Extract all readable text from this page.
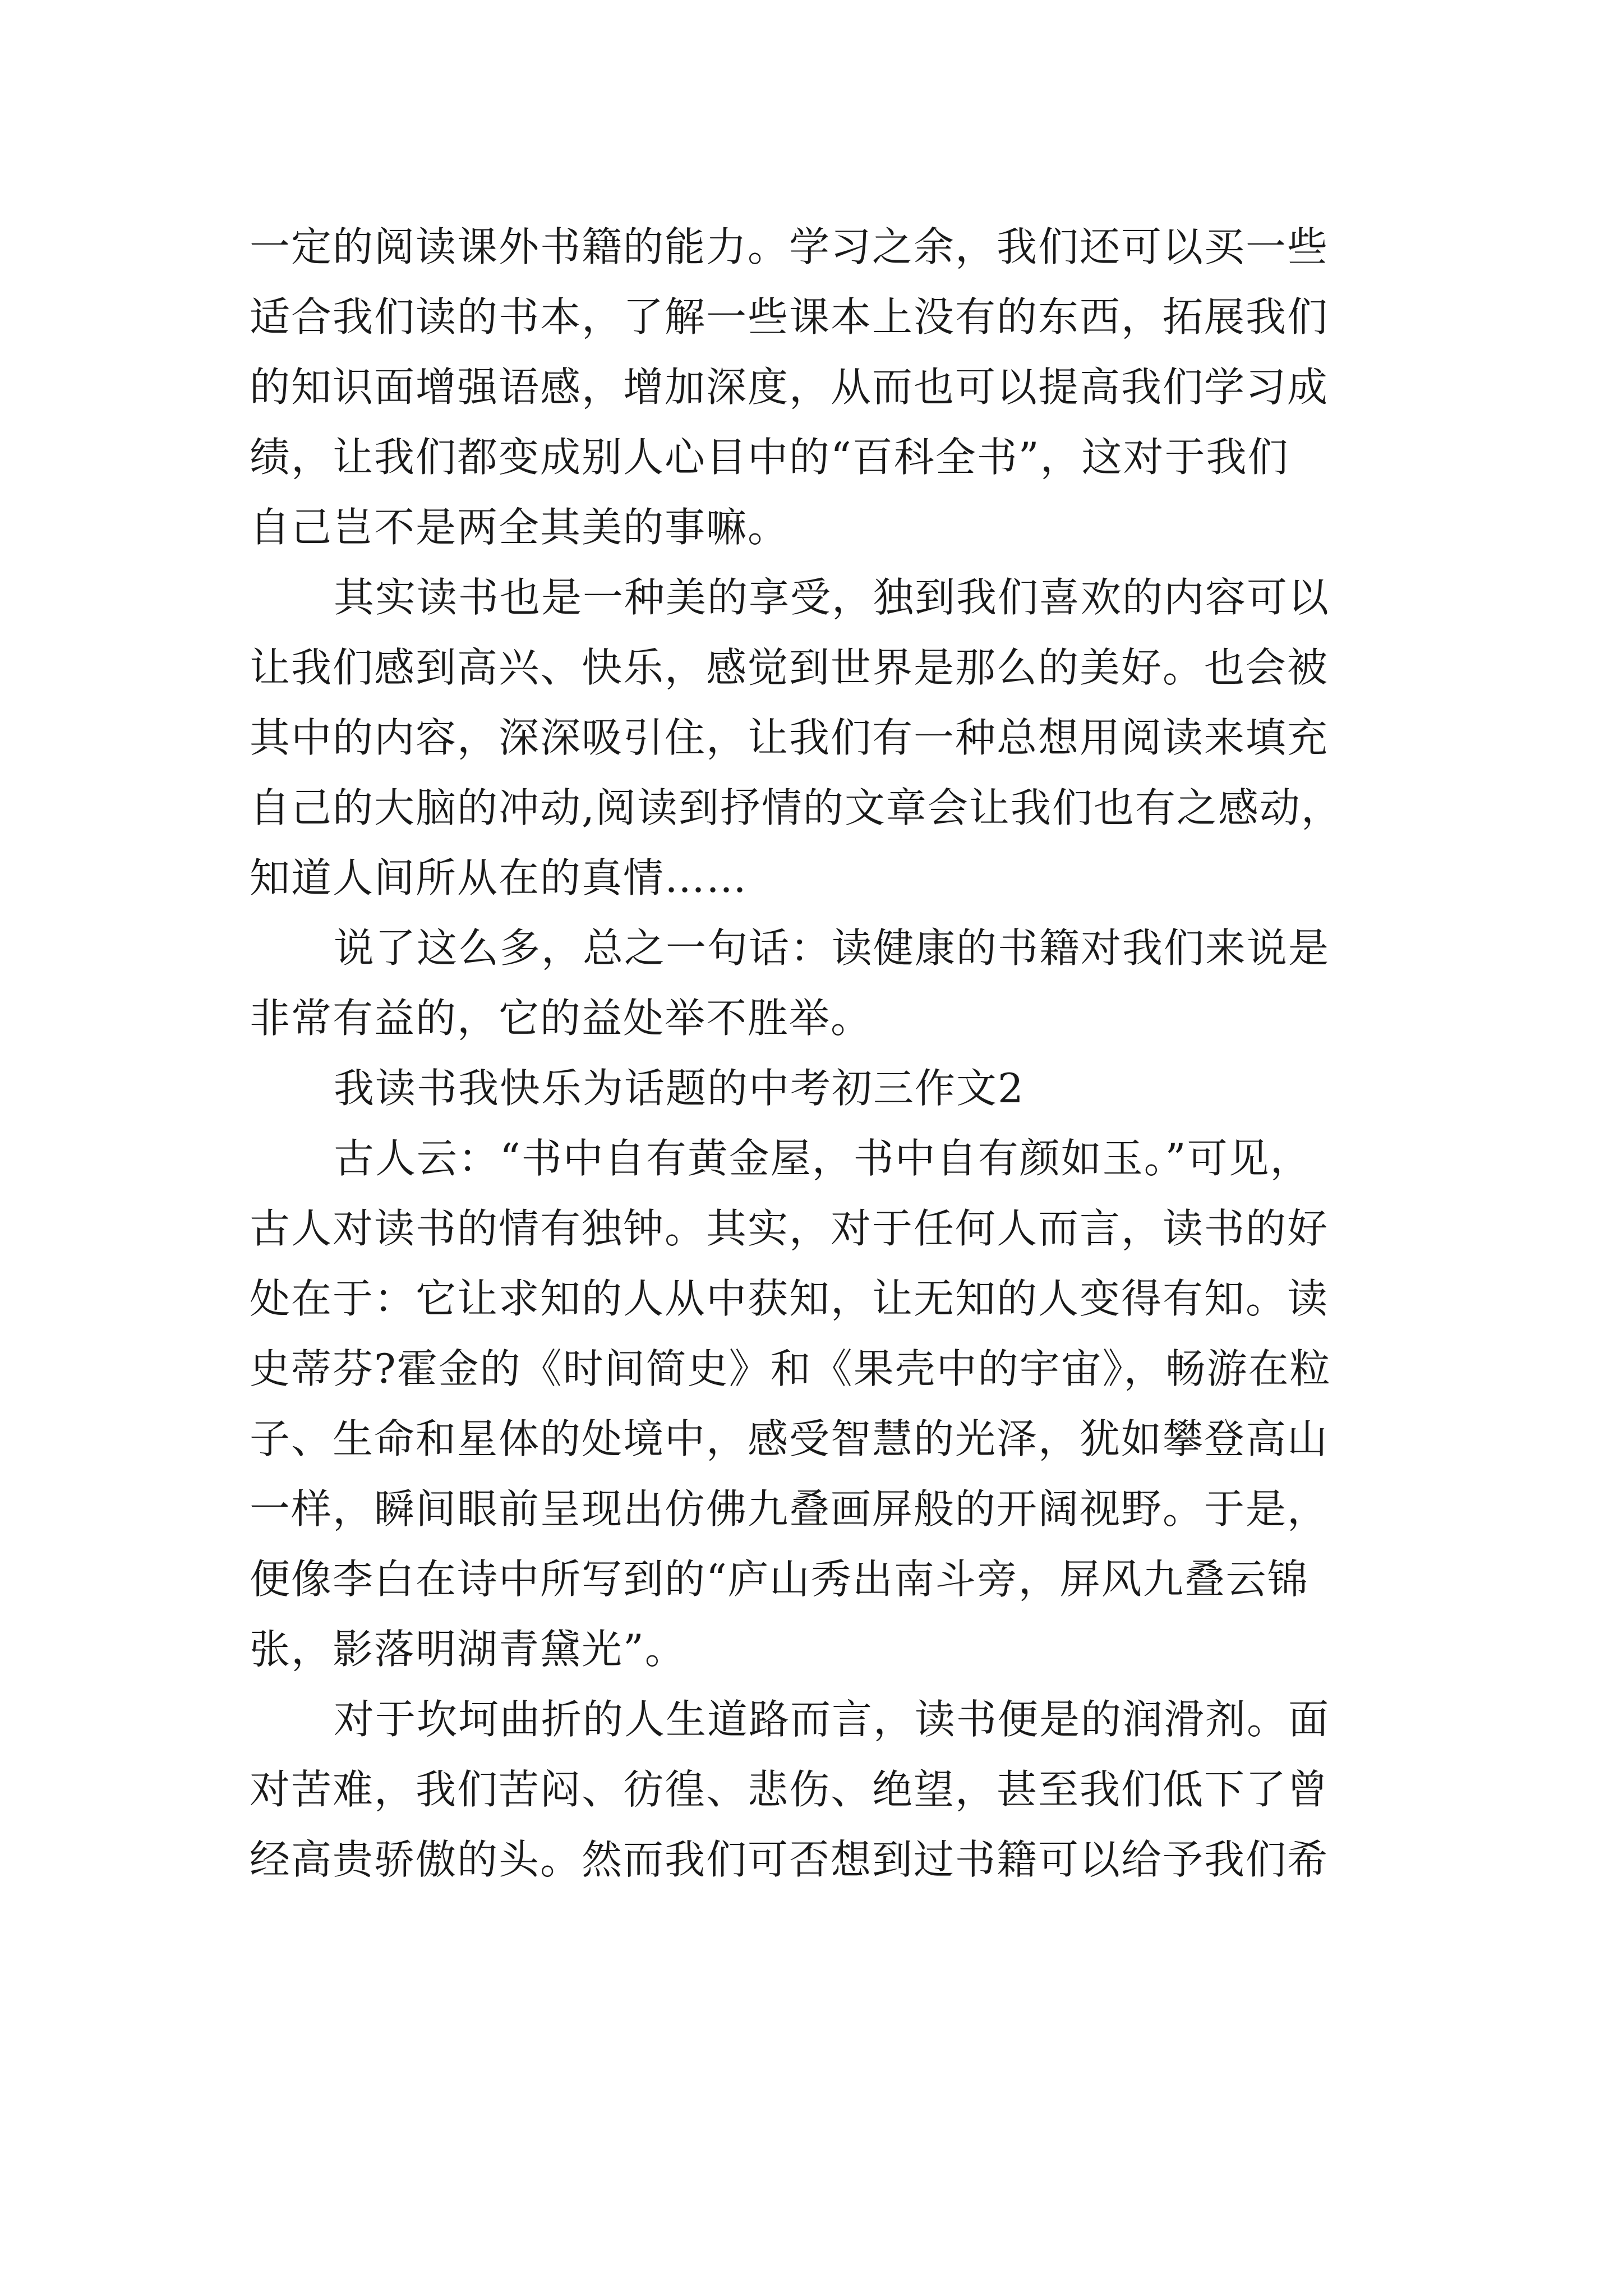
一定的阅读课外书籍的能力。学习之余，我们还可以买一些
适合我们读的书本，了解一些课本上没有的东西，拓展我们
的知识面增强语感，增加深度，从而也可以提高我们学习成
绩，让我们都变成别人心目中的“百科全书”，这对于我们
自己岂不是两全其美的事嘛。
其实读书也是一种美的享受，独到我们喜欢的内容可以
让我们感到高兴、快乐，感觉到世界是那么的美好。也会被
其中的内容，深深吸引住，让我们有一种总想用阅读来填充
自己的大脑的冲动,阅读到抒情的文章会让我们也有之感动，
知道人间所从在的真情……
说了这么多，总之一句话：读健康的书籍对我们来说是
非常有益的，它的益处举不胜举。
我读书我快乐为话题的中考初三作文2
古人云：“书中自有黄金屋，书中自有颜如玉。”可见，
古人对读书的情有独钟。其实，对于任何人而言，读书的好
处在于：它让求知的人从中获知，让无知的人变得有知。读
史蒂芬?霍金的《时间简史》和《果壳中的宇宙》，畅游在粒
子、生命和星体的处境中，感受智慧的光泽，犹如攀登高山
一样，瞬间眼前呈现出仿佛九叠画屏般的开阔视野。于是，
便像李白在诗中所写到的“庐山秀出南斗旁，屏风九叠云锦
张，影落明湖青黛光”。
对于坎坷曲折的人生道路而言，读书便是的润滑剂。面
对苦难，我们苦闷、彷徨、悲伤、绝望，甚至我们低下了曾
经高贵骄傲的头。然而我们可否想到过书籍可以给予我们希
